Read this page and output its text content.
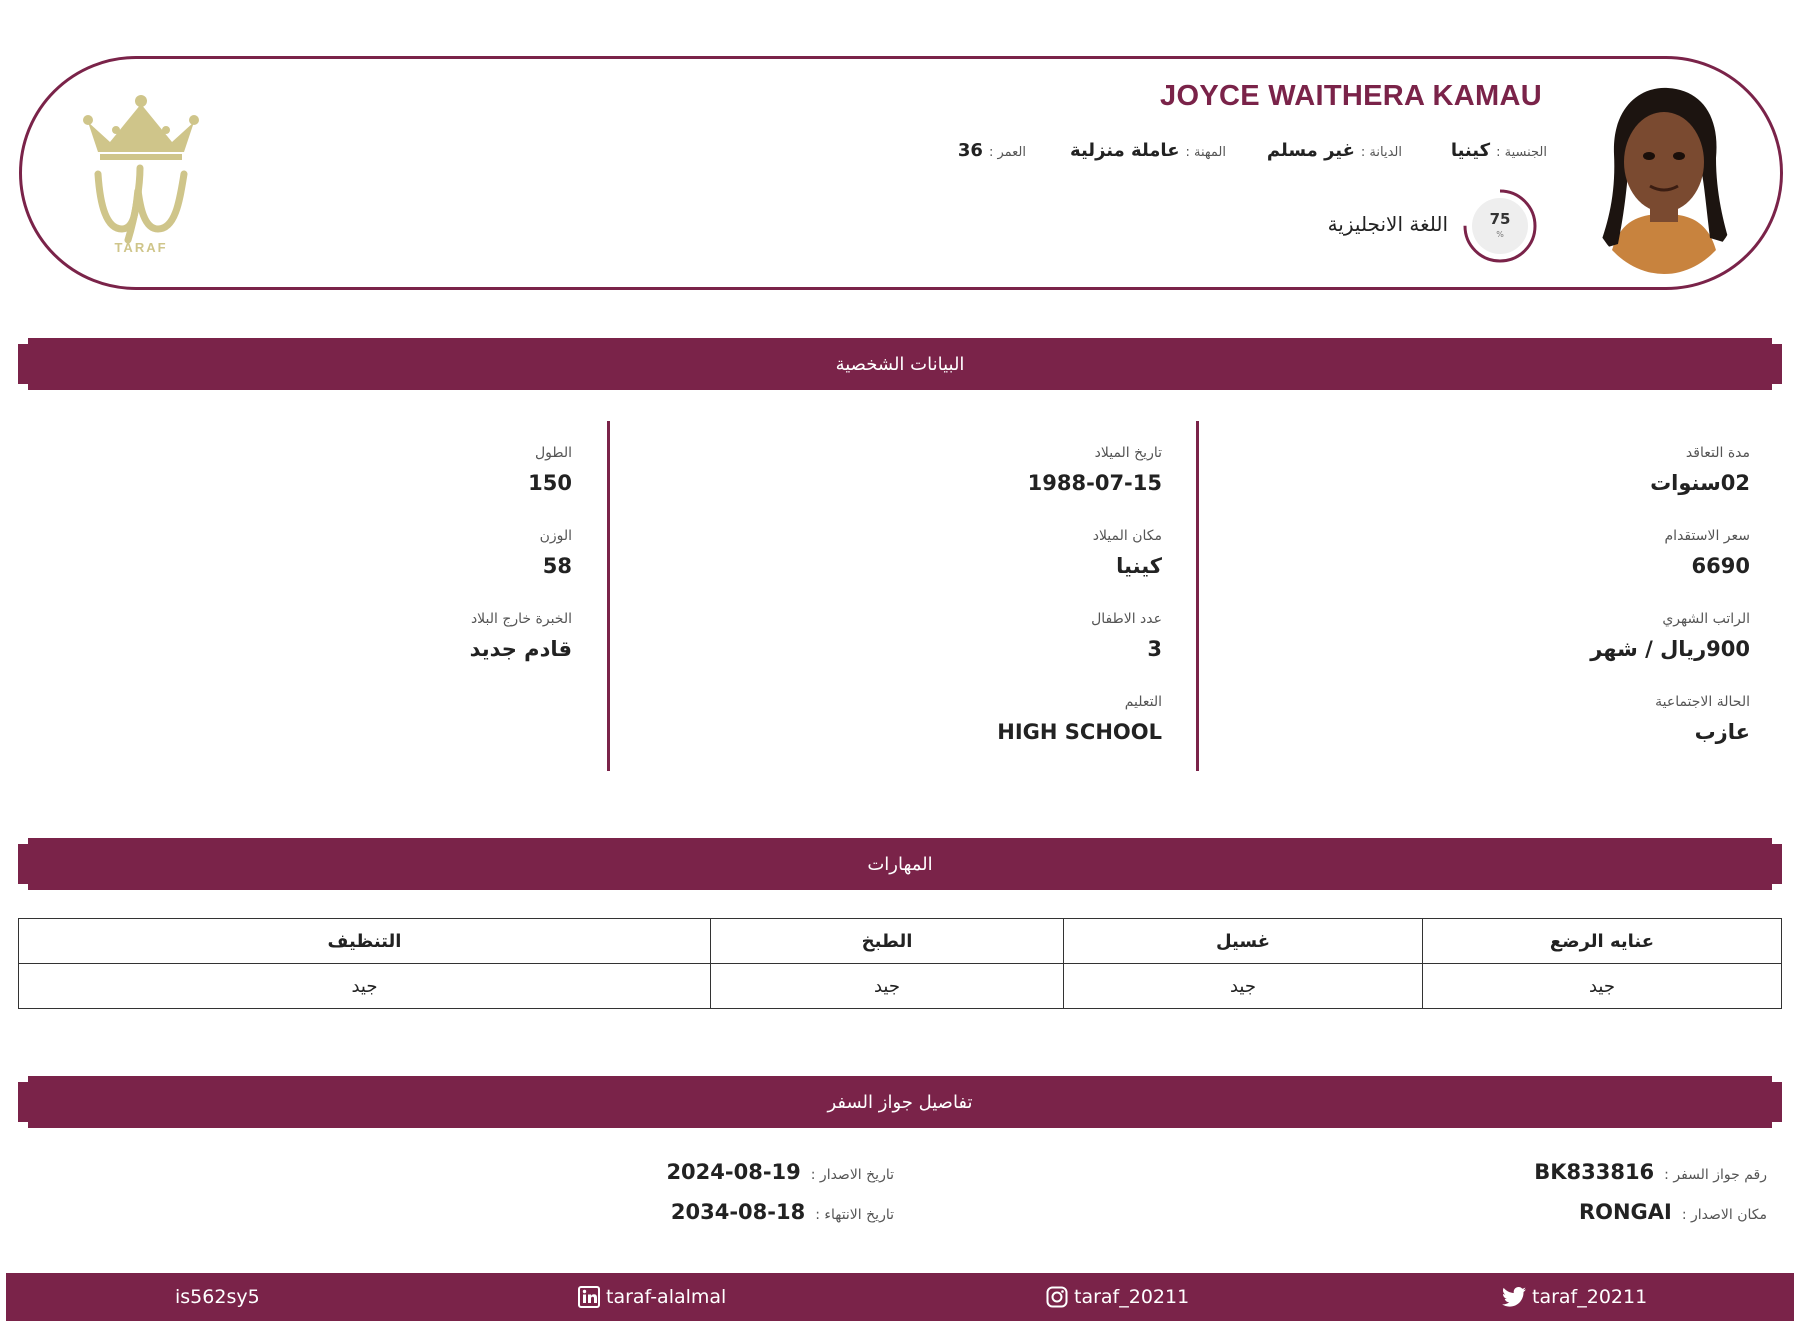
TARAF
JOYCE WAITHERA KAMAU
الجنسية :
كينيا
الديانة :
غير مسلم
المهنة :
عاملة منزلية
العمر :
36
75
%
اللغة الانجليزية
البيانات الشخصية
مدة التعاقد
02سنوات
سعر الاستقدام
6690
الراتب الشهري
900ريال / شهر
الحالة الاجتماعية
عازب
تاريخ الميلاد
1988-07-15
مكان الميلاد
كينيا
عدد الاطفال
3
التعليم
HIGH SCHOOL
الطول
150
الوزن
58
الخبرة خارج البلاد
قادم جديد
المهارات
عنايه الرضع	غسيل	الطبخ	التنظيف
جيد	جيد	جيد	جيد
تفاصيل جواز السفر
رقم جواز السفر :
BK833816
مكان الاصدار :
RONGAI
تاريخ الاصدار :
2024-08-19
تاريخ الانتهاء :
2034-08-18
taraf_20211
taraf_20211
taraf-alalmal
is562sy5
